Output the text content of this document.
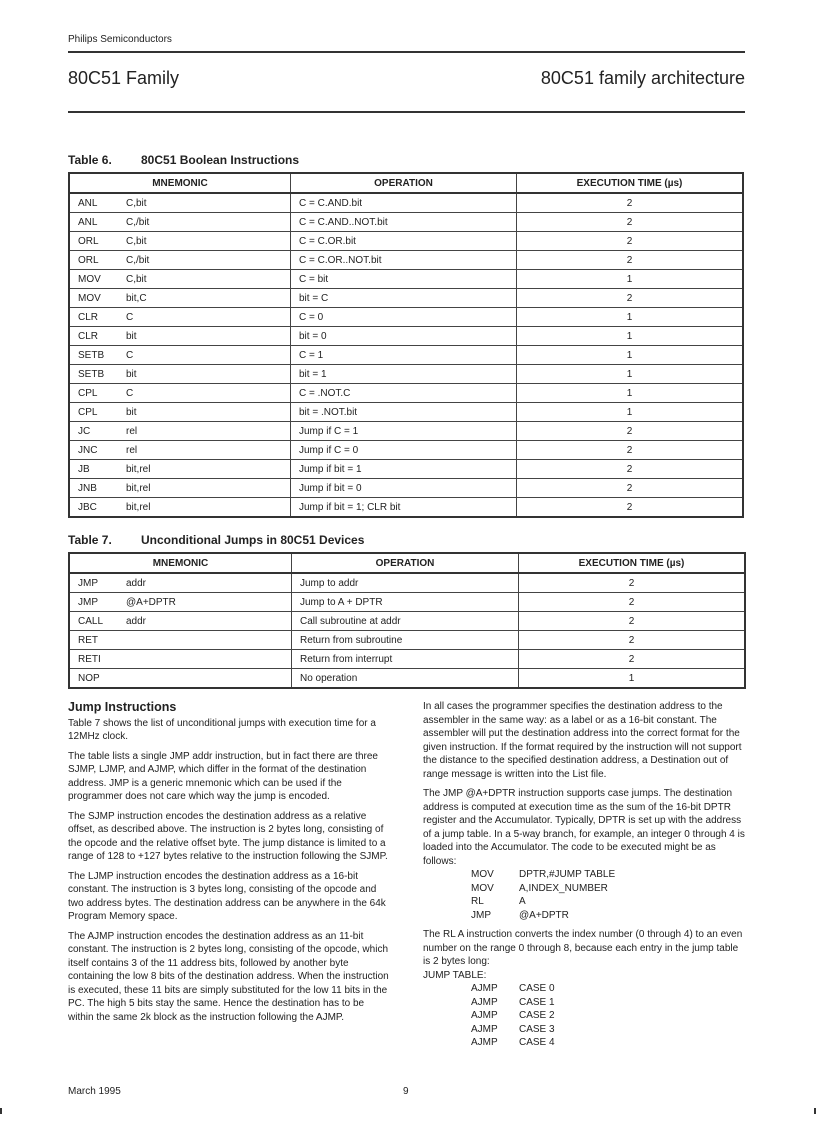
Philips Semiconductors
80C51 Family	80C51 family architecture
Table 6. 80C51 Boolean Instructions
MNEMONIC	OPERATION	EXECUTION TIME (µs)
ANL C,bit	C = C.AND.bit	2
ANL C,/bit	C = C.AND..NOT.bit	2
ORL C,bit	C = C.OR.bit	2
ORL C,/bit	C = C.OR..NOT.bit	2
MOV C,bit	C = bit	1
MOV bit,C	bit = C	2
CLR C	C = 0	1
CLR bit	bit = 0	1
SETB C	C = 1	1
SETB bit	bit = 1	1
CPL C	C = .NOT.C	1
CPL bit	bit = .NOT.bit	1
JC rel	Jump if C = 1	2
JNC rel	Jump if C = 0	2
JB bit,rel	Jump if bit = 1	2
JNB bit,rel	Jump if bit = 0	2
JBC bit,rel	Jump if bit = 1; CLR bit	2
Table 7. Unconditional Jumps in 80C51 Devices
MNEMONIC	OPERATION	EXECUTION TIME (µs)
JMP addr	Jump to addr	2
JMP @A+DPTR	Jump to A + DPTR	2
CALL addr	Call subroutine at addr	2
RET	Return from subroutine	2
RETI	Return from interrupt	2
NOP	No operation	1
Jump Instructions

Table 7 shows the list of unconditional jumps with execution time for a 12MHz clock.

The table lists a single JMP addr instruction, but in fact there are three SJMP, LJMP, and AJMP, which differ in the format of the destination address. JMP is a generic mnemonic which can be used if the programmer does not care which way the jump is encoded.

The SJMP instruction encodes the destination address as a relative offset, as described above. The instruction is 2 bytes long, consisting of the opcode and the relative offset byte. The jump distance is limited to a range of 128 to +127 bytes relative to the instruction following the SJMP.

The LJMP instruction encodes the destination address as a 16-bit constant. The instruction is 3 bytes long, consisting of the opcode and two address bytes. The destination address can be anywhere in the 64k Program Memory space.

The AJMP instruction encodes the destination address as an 11-bit constant. The instruction is 2 bytes long, consisting of the opcode, which itself contains 3 of the 11 address bits, followed by another byte containing the low 8 bits of the destination address. When the instruction is executed, these 11 bits are simply substituted for the low 11 bits in the PC. The high 5 bits stay the same. Hence the destination has to be within the same 2k block as the instruction following the AJMP.

In all cases the programmer specifies the destination address to the assembler in the same way: as a label or as a 16-bit constant. The assembler will put the destination address into the correct format for the given instruction. If the format required by the instruction will not support the distance to the specified destination address, a Destination out of range message is written into the List file.

The JMP @A+DPTR instruction supports case jumps. The destination address is computed at execution time as the sum of the 16-bit DPTR register and the Accumulator. Typically, DPTR is set up with the address of a jump table. In a 5-way branch, for example, an integer 0 through 4 is loaded into the Accumulator. The code to be executed might be as follows:

MOV	DPTR,#JUMP TABLE
MOV	A,INDEX_NUMBER
RL	A
JMP	@A+DPTR

The RL A instruction converts the index number (0 through 4) to an even number on the range 0 through 8, because each entry in the jump table is 2 bytes long:

JUMP TABLE:
AJMP CASE 0
AJMP CASE 1
AJMP CASE 2
AJMP CASE 3
AJMP CASE 4
March 1995	9
